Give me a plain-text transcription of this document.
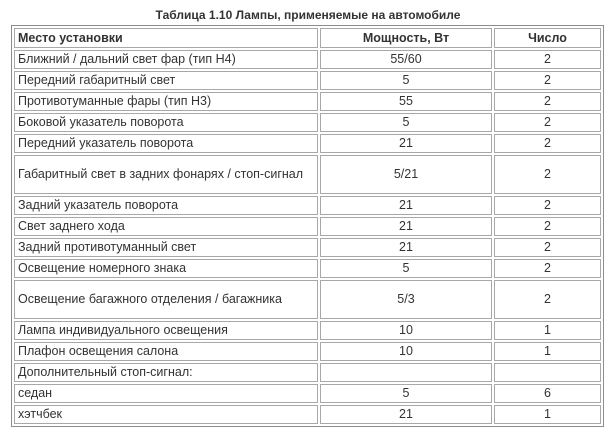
Таблица 1.10 Лампы, применяемые на автомобиле
Место установки	Мощность, Вт	Число
Ближний / дальний свет фар (тип H4)	55/60	2
Передний габаритный свет	5	2
Противотуманные фары (тип H3)	55	2
Боковой указатель поворота	5	2
Передний указатель поворота	21	2
Габаритный свет в задних фонарях / стоп-сигнал	5/21	2
Задний указатель поворота	21	2
Свет заднего хода	21	2
Задний противотуманный свет	21	2
Освещение номерного знака	5	2
Освещение багажного отделения / багажника	5/3	2
Лампа индивидуального освещения	10	1
Плафон освещения салона	10	1
Дополнительный стоп-сигнал:		
седан	5	6
хэтчбек	21	1
